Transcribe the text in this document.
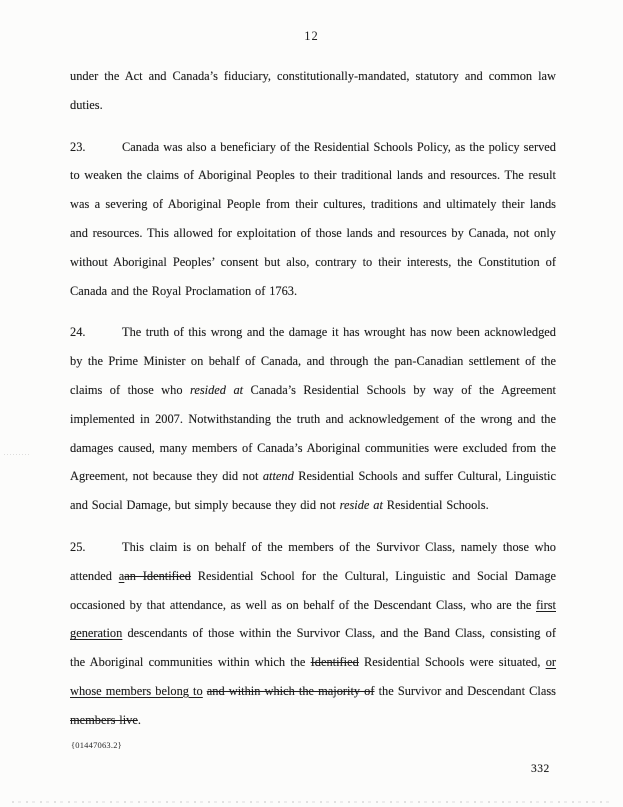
12

under the Act and Canada’s fiduciary, constitutionally-mandated, statutory and common law duties.

23.	Canada was also a beneficiary of the Residential Schools Policy, as the policy served to weaken the claims of Aboriginal Peoples to their traditional lands and resources. The result was a severing of Aboriginal People from their cultures, traditions and ultimately their lands and resources. This allowed for exploitation of those lands and resources by Canada, not only without Aboriginal Peoples’ consent but also, contrary to their interests, the Constitution of Canada and the Royal Proclamation of 1763.

24.	The truth of this wrong and the damage it has wrought has now been acknowledged by the Prime Minister on behalf of Canada, and through the pan-Canadian settlement of the claims of those who resided at Canada’s Residential Schools by way of the Agreement implemented in 2007. Notwithstanding the truth and acknowledgement of the wrong and the damages caused, many members of Canada’s Aboriginal communities were excluded from the Agreement, not because they did not attend Residential Schools and suffer Cultural, Linguistic and Social Damage, but simply because they did not reside at Residential Schools.

25.	This claim is on behalf of the members of the Survivor Class, namely those who attended aan Identified Residential School for the Cultural, Linguistic and Social Damage occasioned by that attendance, as well as on behalf of the Descendant Class, who are the first generation descendants of those within the Survivor Class, and the Band Class, consisting of the Aboriginal communities within which the Identified Residential Schools were situated, or whose members belong to and within which the majority of the Survivor and Descendant Class members live.

{01447063.2}
332
